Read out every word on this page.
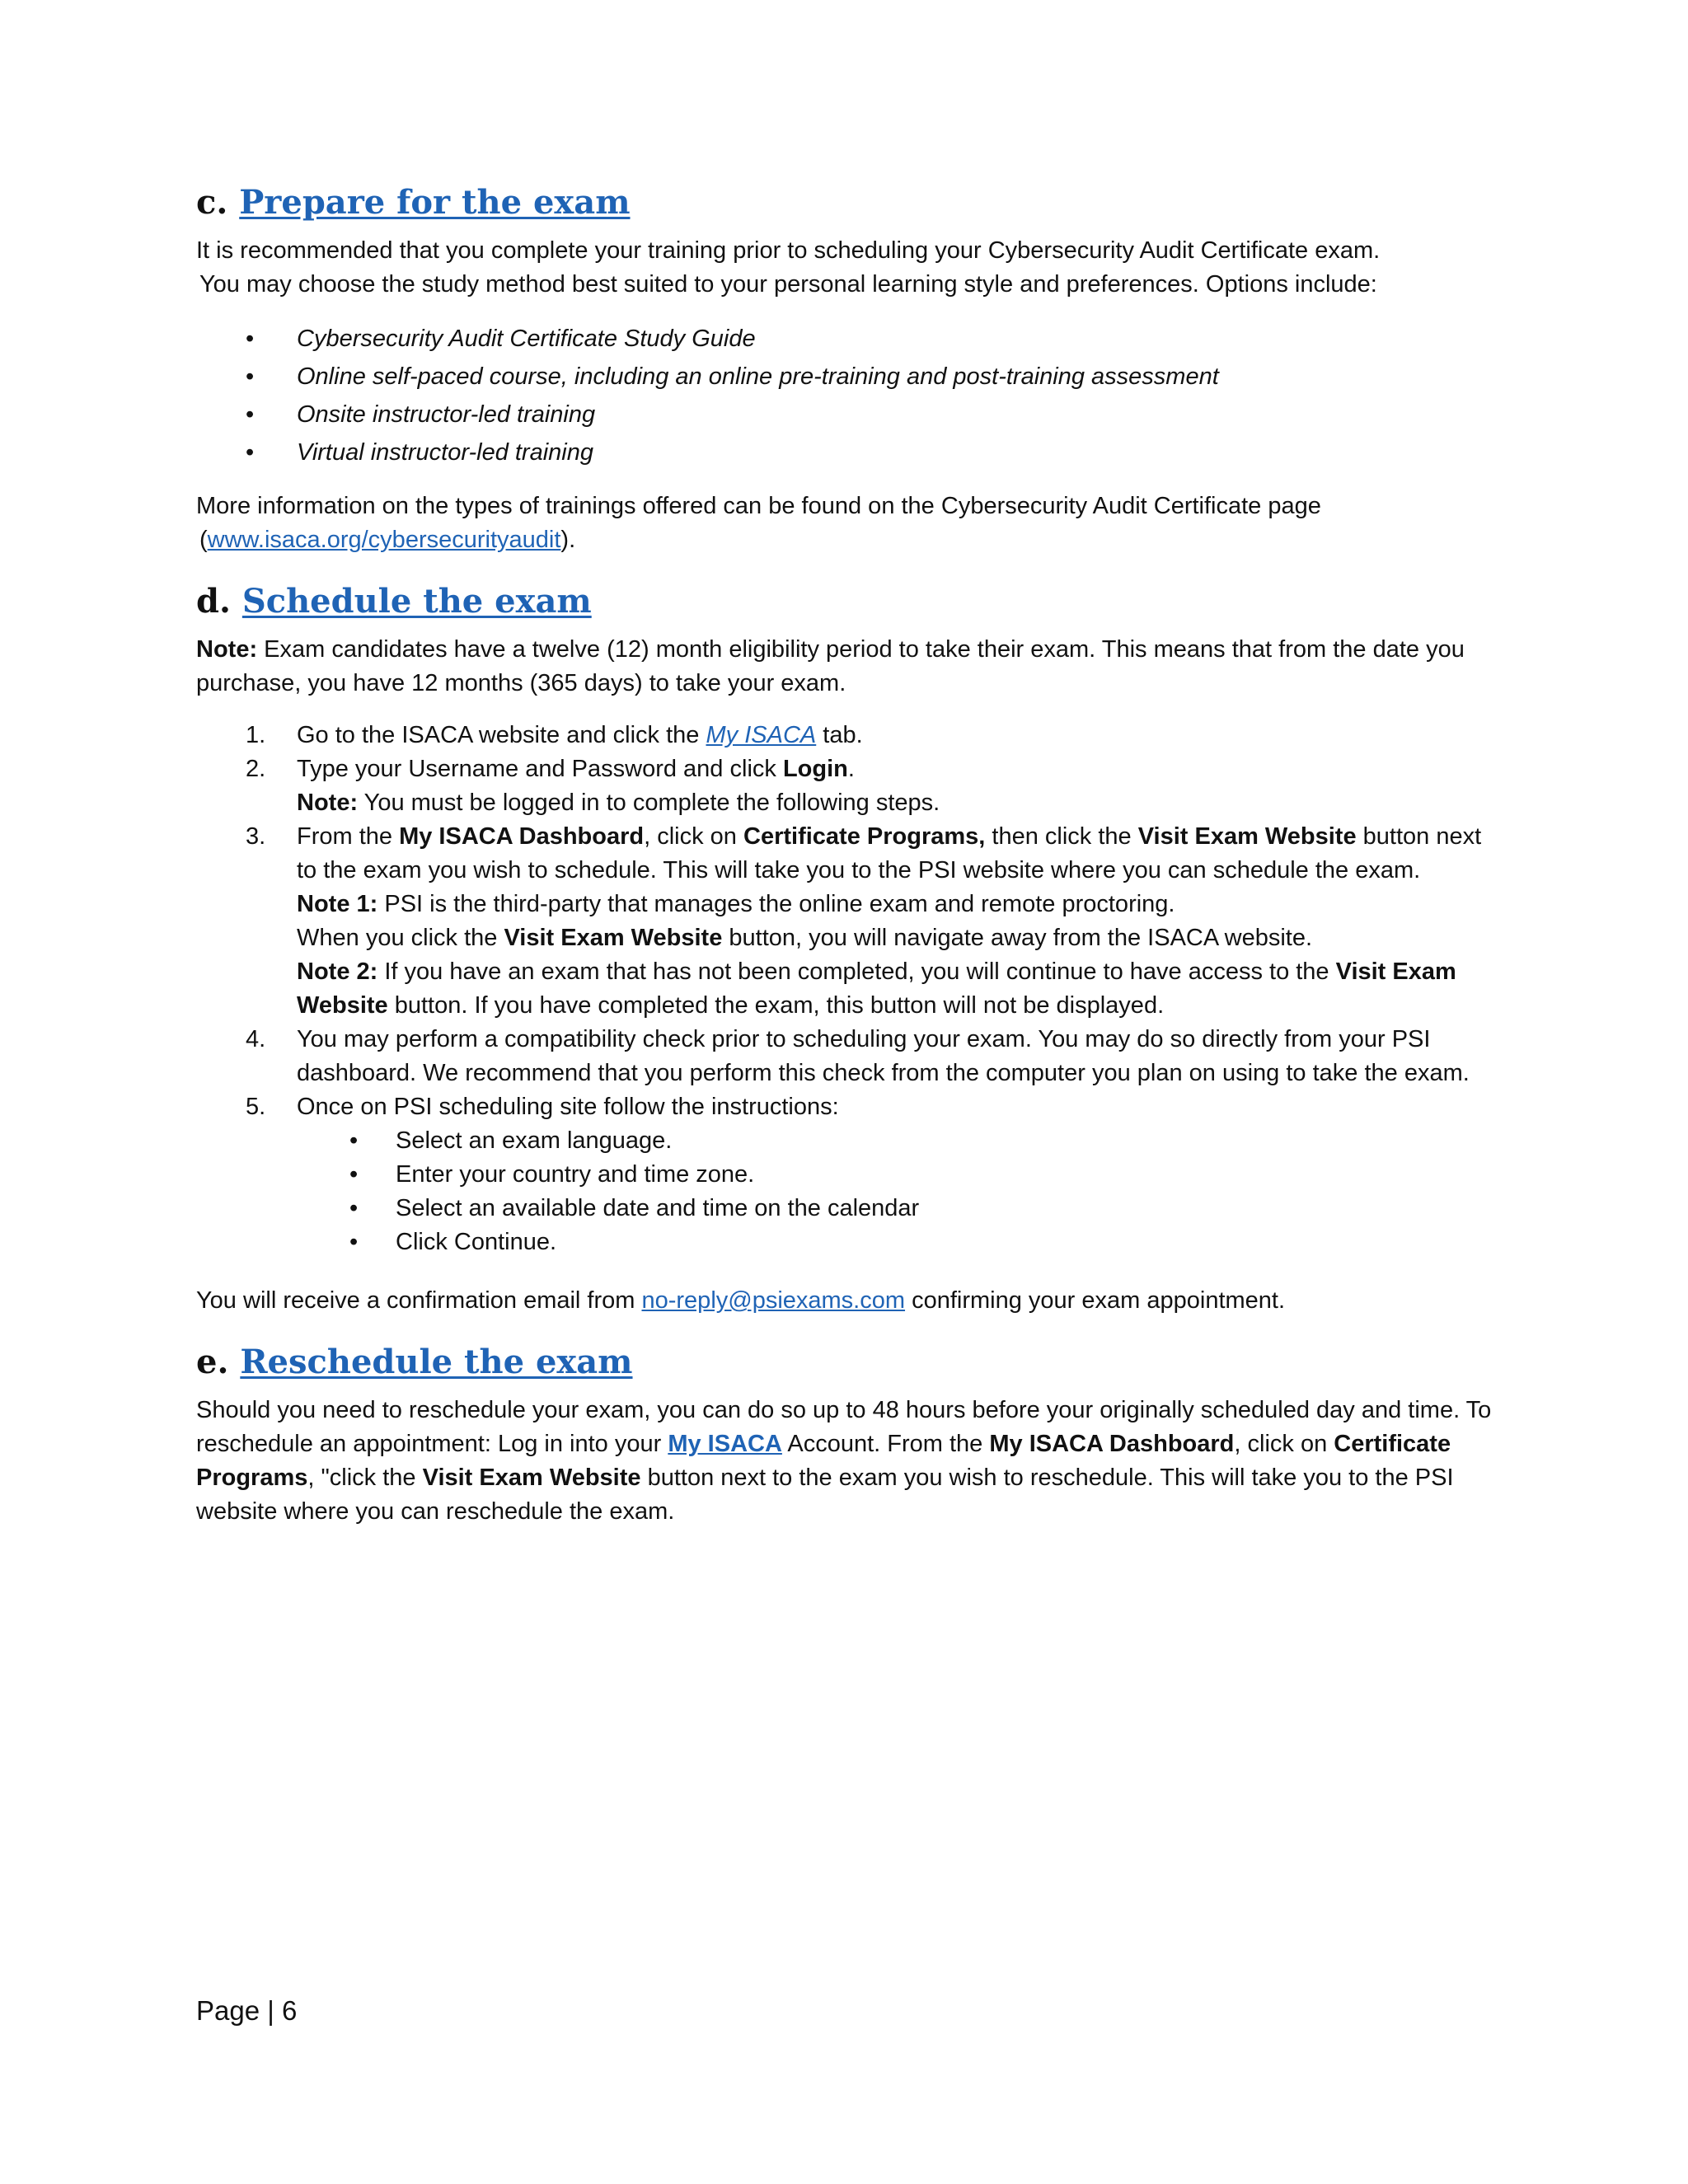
c. Prepare for the exam

It is recommended that you complete your training prior to scheduling your Cybersecurity Audit Certificate exam.

You may choose the study method best suited to your personal learning style and preferences. Options include:

• Cybersecurity Audit Certificate Study Guide
• Online self-paced course, including an online pre-training and post-training assessment
• Onsite instructor-led training
• Virtual instructor-led training

More information on the types of trainings offered can be found on the Cybersecurity Audit Certificate page

(www.isaca.org/cybersecurityaudit).

d. Schedule the exam

Note: Exam candidates have a twelve (12) month eligibility period to take their exam. This means that from the date you purchase, you have 12 months (365 days) to take your exam.

1. Go to the ISACA website and click the My ISACA tab.
2. Type your Username and Password and click Login.
Note: You must be logged in to complete the following steps.
3. From the My ISACA Dashboard, click on Certificate Programs, then click the Visit Exam Website button next to the exam you wish to schedule. This will take you to the PSI website where you can schedule the exam.
Note 1: PSI is the third-party that manages the online exam and remote proctoring.
When you click the Visit Exam Website button, you will navigate away from the ISACA website.
Note 2: If you have an exam that has not been completed, you will continue to have access to the Visit Exam Website button. If you have completed the exam, this button will not be displayed.
4. You may perform a compatibility check prior to scheduling your exam. You may do so directly from your PSI dashboard. We recommend that you perform this check from the computer you plan on using to take the exam.
5. Once on PSI scheduling site follow the instructions:
• Select an exam language.
• Enter your country and time zone.
• Select an available date and time on the calendar
• Click Continue.

You will receive a confirmation email from no-reply@psiexams.com confirming your exam appointment.

e. Reschedule the exam

Should you need to reschedule your exam, you can do so up to 48 hours before your originally scheduled day and time. To reschedule an appointment: Log in into your My ISACA Account. From the My ISACA Dashboard, click on Certificate Programs, "click the Visit Exam Website button next to the exam you wish to reschedule. This will take you to the PSI website where you can reschedule the exam.

Page | 6
